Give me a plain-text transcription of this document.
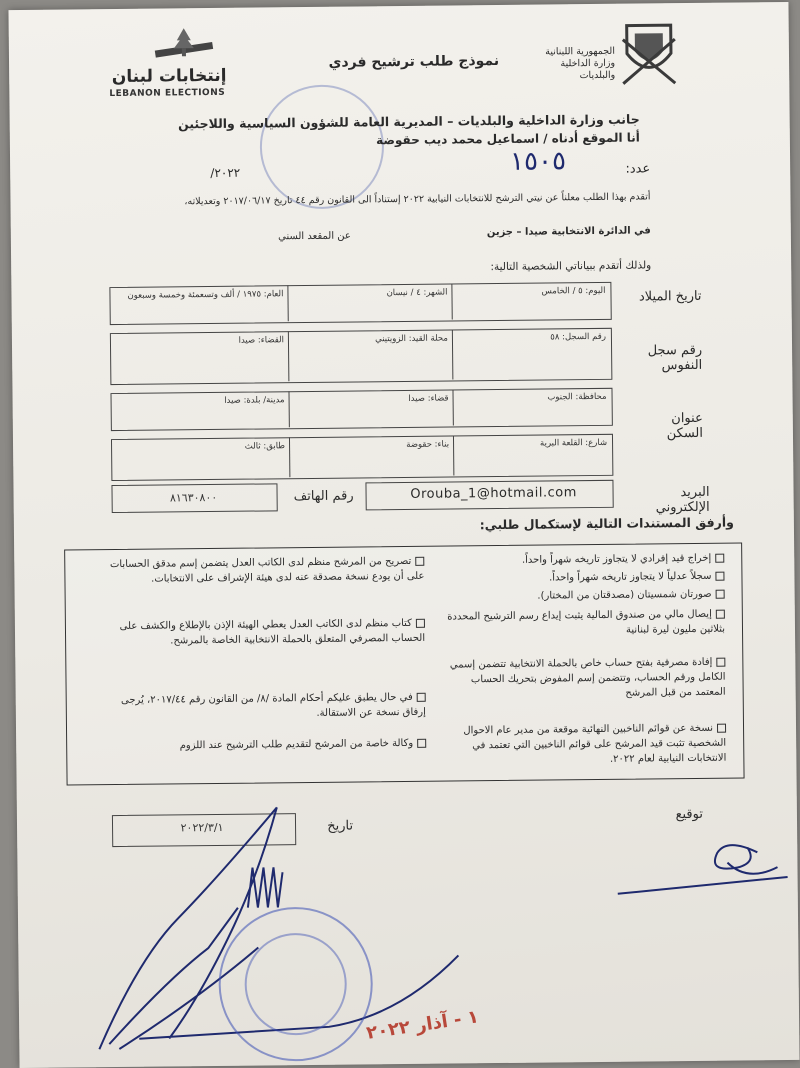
الجمهورية اللبنانية
وزارة الداخلية
والبلديات
نموذج طلب ترشيح فردي
إنتخابات لبنان
LEBANON ELECTIONS
جانب وزارة الداخلية والبلديات – المديرية العامة للشؤون السياسية واللاجئين
أنا الموقع أدناه / اسماعيل محمد ديب حقوضة
عدد:
١٥٠٥
٢٠٢٢/
أتقدم بهذا الطلب معلناً عن نيتي الترشح للانتخابات النيابية ٢٠٢٢ إستناداً الى القانون رقم ٤٤ تاريخ ٢٠١٧/٠٦/١٧ وتعديلاته،
في الدائرة الانتخابية صيدا – جزين
عن المقعد السني
ولذلك أتقدم ببياناتي الشخصية التالية:
تاريخ الميلاد
اليوم: ٥ / الخامس
الشهر: ٤ / نيسان
العام: ١٩٧٥ / ألف وتسعمئة وخمسة وسبعون
رقم سجل النفوس
رقم السجل: ٥٨
محلة القيد: الزويتيني
القضاء: صيدا
عنوان السكن
محافظة: الجنوب
قضاء: صيدا
مدينة/ بلدة: صيدا
شارع: القلعة البرية
بناء: حقوضة
طابق: ثالث
البريد الإلكتروني
Orouba_1@hotmail.com
رقم الهاتف
٨١٦٣٠٨٠٠
وأرفق المستندات التالية لإستكمال طلبي:
إخراج قيد إفرادي لا يتجاوز تاريخه شهراً واحداً.
سجلاً عدلياً لا يتجاوز تاريخه شهراً واحداً.
صورتان شمسيتان (مصدقتان من المختار).
إيصال مالي من صندوق المالية يثبت إيداع رسم الترشيح المحددة بثلاثين مليون ليرة لبنانية
إفادة مصرفية بفتح حساب خاص بالحملة الانتخابية تتضمن إسمي الكامل ورقم الحساب، وتتضمن إسم المفوض بتحريك الحساب المعتمد من قبل المرشح
نسخة عن قوائم الناخبين النهائية موقعة من مدير عام الاحوال الشخصية تثبت قيد المرشح على قوائم الناخبين التي تعتمد في الانتخابات النيابية لعام ٢٠٢٢.
تصريح من المرشح منظم لدى الكاتب العدل يتضمن إسم مدقق الحسابات على أن يودع نسخة مصدقة عنه لدى هيئة الإشراف على الانتخابات.
كتاب منظم لدى الكاتب العدل يعطي الهيئة الإذن بالإطلاع والكشف على الحساب المصرفي المتعلق بالحملة الانتخابية الخاصة بالمرشح.
في حال يطبق عليكم أحكام المادة /٨/ من القانون رقم ٢٠١٧/٤٤، يُرجى إرفاق نسخة عن الاستقالة.
وكالة خاصة من المرشح لتقديم طلب الترشيح عند اللزوم
٢٠٢٢/٣/١	تاريخ
توقيع
١ - آذار ٢٠٢٢
